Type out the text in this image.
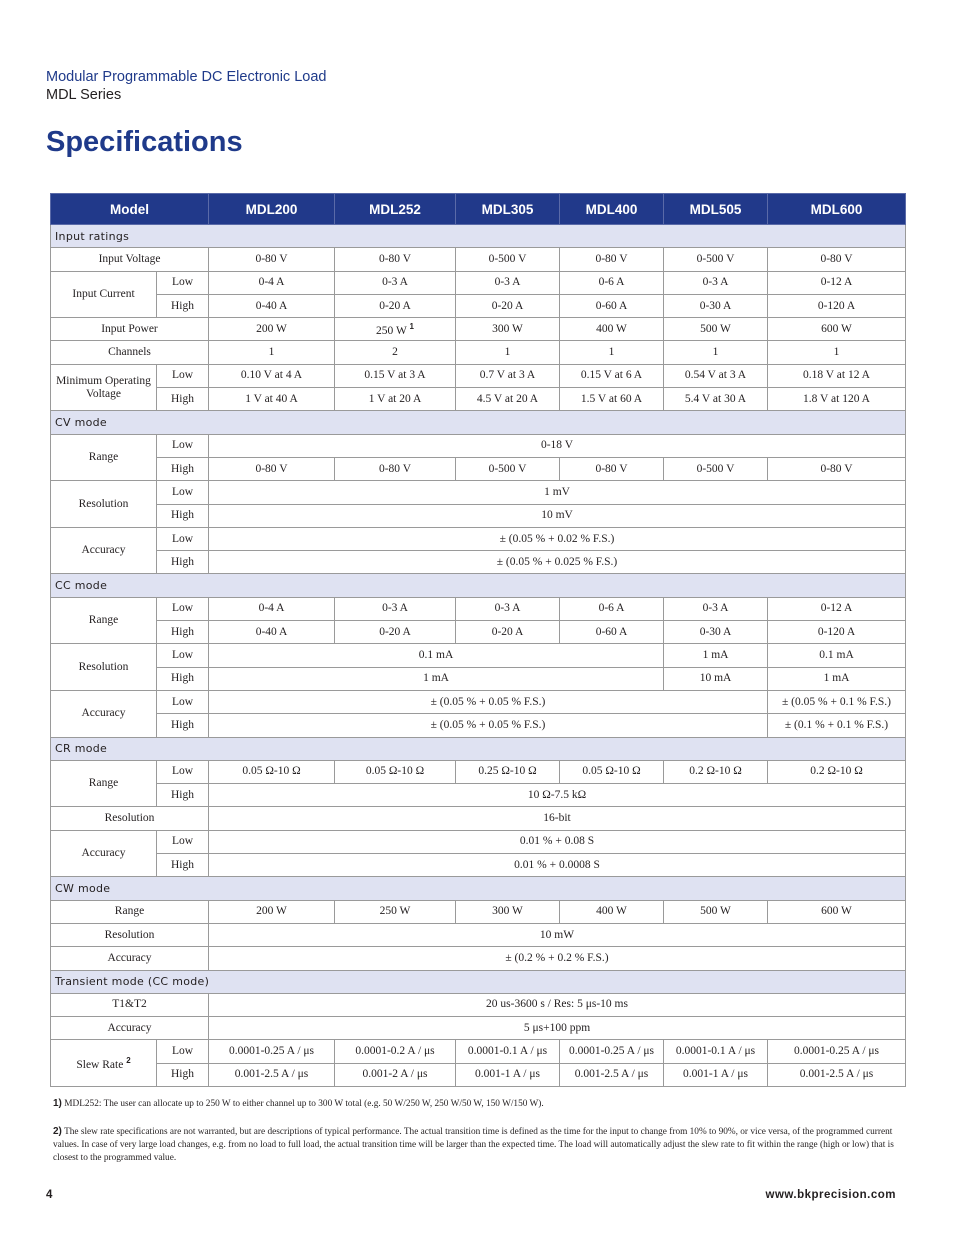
Modular Programmable DC Electronic Load
MDL Series
Specifications
Model		MDL200	MDL252	MDL305	MDL400	MDL505	MDL600
Input ratings							
Input Voltage		0-80 V	0-80 V	0-500 V	0-80 V	0-500 V	0-80 V
Input Current	Low	0-4 A	0-3 A	0-3 A	0-6 A	0-3 A	0-12 A
	High	0-40 A	0-20 A	0-20 A	0-60 A	0-30 A	0-120 A
Input Power		200 W	250 W $^1$	300 W	400 W	500 W	600 W
Channels		1	2	1	1	1	1
Minimum Operating Voltage	Low	0.10 V at 4 A	0.15 V at 3 A	0.7 V at 3 A	0.15 V at 6 A	0.54 V at 3 A	0.18 V at 12 A
	High	1 V at 40 A	1 V at 20 A	4.5 V at 20 A	1.5 V at 60 A	5.4 V at 30 A	1.8 V at 120 A
CV mode							
Range	Low	0-18 V					
	High	0-80 V	0-80 V	0-500 V	0-80 V	0-500 V	0-80 V
Resolution	Low	1 mV					
	High	10 mV					
Accuracy	Low	± (0.05 % + 0.02 % F.S.)					
	High	± (0.05 % + 0.025 % F.S.)					
CC mode							
Range	Low	0-4 A	0-3 A	0-3 A	0-6 A	0-3 A	0-12 A
	High	0-40 A	0-20 A	0-20 A	0-60 A	0-30 A	0-120 A
Resolution	Low	0.1 mA				1 mA	0.1 mA
	High	1 mA				10 mA	1 mA
Accuracy	Low	± (0.05 % + 0.05 % F.S.)					± (0.05 % + 0.1 % F.S.)
	High	± (0.05 % + 0.05 % F.S.)					± (0.1 % + 0.1 % F.S.)
CR mode							
Range	Low	0.05 Ω-10 Ω	0.05 Ω-10 Ω	0.25 Ω-10 Ω	0.05 Ω-10 Ω	0.2 Ω-10 Ω	0.2 Ω-10 Ω
	High	10 Ω-7.5 kΩ					
Resolution		16-bit					
Accuracy	Low	0.01 % + 0.08 S					
	High	0.01 % + 0.0008 S					
CW mode							
Range		200 W	250 W	300 W	400 W	500 W	600 W
Resolution		10 mW					
Accuracy		± (0.2 % + 0.2 % F.S.)					
Transient mode (CC mode)							
T1&T2		20 us-3600 s / Res: 5 μs-10 ms					
Accuracy		5 μs+100 ppm					
Slew Rate $^2$	Low	0.0001-0.25 A / μs	0.0001-0.2 A / μs	0.0001-0.1 A / μs	0.0001-0.25 A / μs	0.0001-0.1 A / μs	0.0001-0.25 A / μs
	High	0.001-2.5 A / μs	0.001-2 A / μs	0.001-1 A / μs	0.001-2.5 A / μs	0.001-1 A / μs	0.001-2.5 A / μs
1) MDL252: The user can allocate up to 250 W to either channel up to 300 W total (e.g. 50 W/250 W, 250 W/50 W, 150 W/150 W).
2) The slew rate specifications are not warranted, but are descriptions of typical performance. The actual transition time is defined as the time for the input to change from 10% to 90%, or vice versa, of the programmed current values. In case of very large load changes, e.g. from no load to full load, the actual transition time will be larger than the expected time. The load will automatically adjust the slew rate to fit within the range (high or low) that is closest to the programmed value.
4	www.bkprecision.com
